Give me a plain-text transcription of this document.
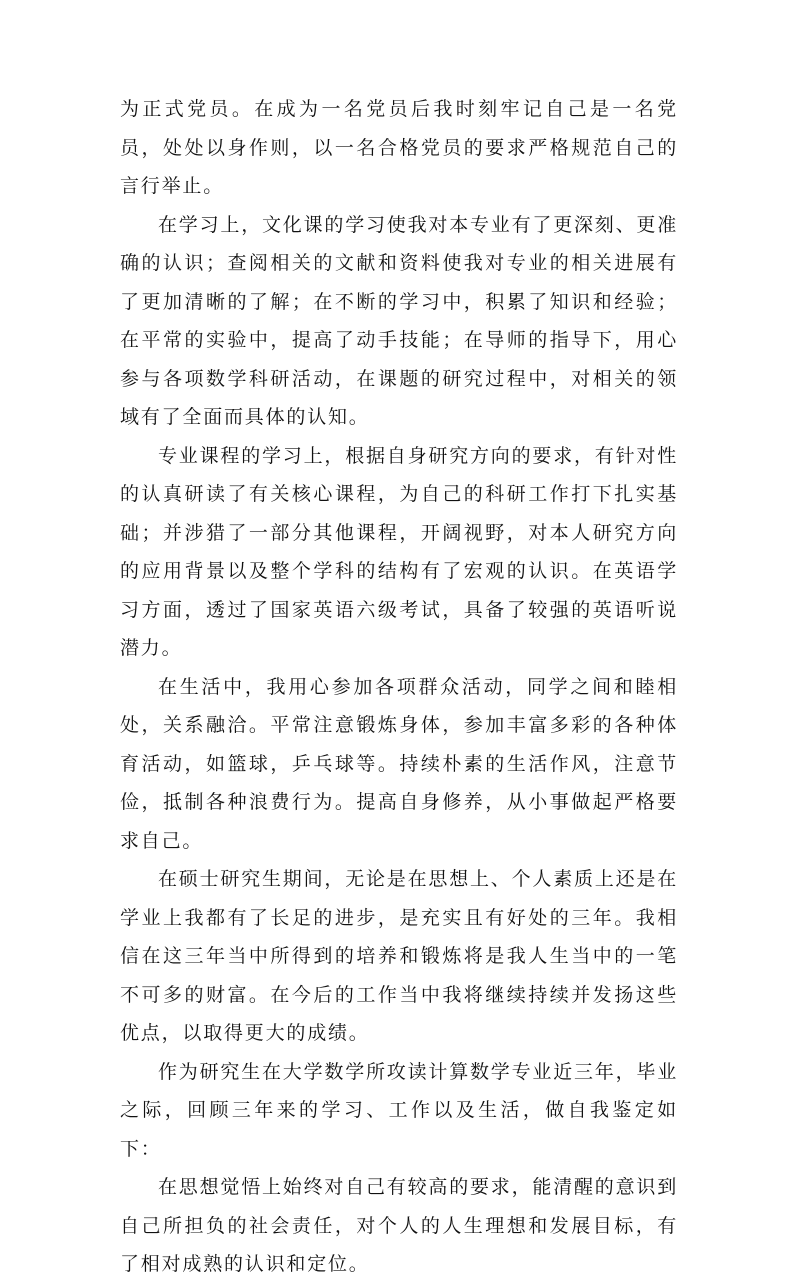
为正式党员。在成为一名党员后我时刻牢记自己是一名党员，处处以身作则，以一名合格党员的要求严格规范自己的言行举止。

在学习上，文化课的学习使我对本专业有了更深刻、更准确的认识；查阅相关的文献和资料使我对专业的相关进展有了更加清晰的了解；在不断的学习中，积累了知识和经验；在平常的实验中，提高了动手技能；在导师的指导下，用心参与各项数学科研活动，在课题的研究过程中，对相关的领域有了全面而具体的认知。

专业课程的学习上，根据自身研究方向的要求，有针对性的认真研读了有关核心课程，为自己的科研工作打下扎实基础；并涉猎了一部分其他课程，开阔视野，对本人研究方向的应用背景以及整个学科的结构有了宏观的认识。在英语学习方面，透过了国家英语六级考试，具备了较强的英语听说潜力。

在生活中，我用心参加各项群众活动，同学之间和睦相处，关系融洽。平常注意锻炼身体，参加丰富多彩的各种体育活动，如篮球，乒乓球等。持续朴素的生活作风，注意节俭，抵制各种浪费行为。提高自身修养，从小事做起严格要求自己。

在硕士研究生期间，无论是在思想上、个人素质上还是在学业上我都有了长足的进步，是充实且有好处的三年。我相信在这三年当中所得到的培养和锻炼将是我人生当中的一笔不可多的财富。在今后的工作当中我将继续持续并发扬这些优点，以取得更大的成绩。

作为研究生在大学数学所攻读计算数学专业近三年，毕业之际，回顾三年来的学习、工作以及生活，做自我鉴定如下：

在思想觉悟上始终对自己有较高的要求，能清醒的意识到自己所担负的社会责任，对个人的人生理想和发展目标，有了相对成熟的认识和定位。
